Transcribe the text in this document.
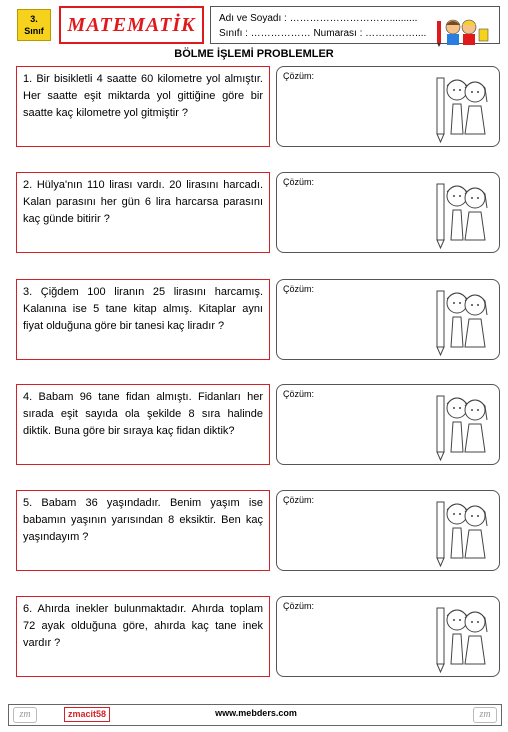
3.
Sınıf	MATEMATİK Adı ve Soyadı : …………………………..........
Sınıfı : ……………… Numarası : ……………....
BÖLME İŞLEMİ PROBLEMLER
1. Bir bisikletli 4 saatte 60 kilometre yol almıştır. Her saatte eşit miktarda yol gittiğine göre bir saatte kaç kilometre yol gitmiştir ?
Çözüm:
2. Hülya'nın 110 lirası vardı. 20 lirasını harcadı. Kalan parasını her gün 6 lira harcarsa parasını kaç günde bitirir ?
Çözüm:
3. Çiğdem 100 liranın 25 lirasını harcamış. Kalanına ise 5 tane kitap almış. Kitaplar aynı fiyat olduğuna göre bir tanesi kaç liradır ?
Çözüm:
4. Babam 96 tane fidan almıştı. Fidanları her sırada eşit sayıda ola şekilde 8 sıra halinde diktik. Buna göre bir sıraya kaç fidan diktik?
Çözüm:
5. Babam 36 yaşındadır. Benim yaşım ise babamın yaşının yarısından 8 eksiktir. Ben kaç yaşındayım ?
Çözüm:
6. Ahırda inekler bulunmaktadır. Ahırda toplam 72 ayak olduğuna göre, ahırda kaç tane inek vardır ?
Çözüm:
zm	zmacit58	www.mebders.com	zm
